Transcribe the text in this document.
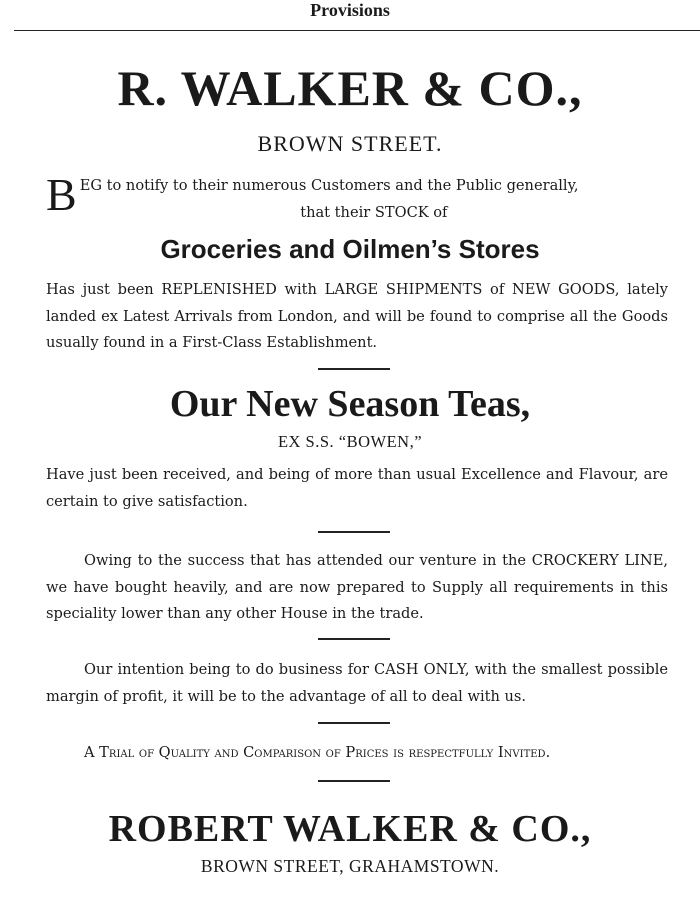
Provisions
R. WALKER & CO.,
BROWN STREET.
B EG to notify to their numerous Customers and the Public generally,
that their STOCK of
Groceries and Oilmen’s Stores
Has just been REPLENISHED with LARGE SHIPMENTS of NEW GOODS, lately landed ex Latest Arrivals from London, and will be found to comprise all the Goods usually found in a First-Class Establishment.
Our New Season Teas,
EX S.S. “BOWEN,”
Have just been received, and being of more than usual Excellence and Flavour, are certain to give satisfaction.
Owing to the success that has attended our venture in the CROCKERY LINE, we have bought heavily, and are now prepared to Supply all requirements in this speciality lower than any other House in the trade.
Our intention being to do business for CASH ONLY, with the smallest possible margin of profit, it will be to the advantage of all to deal with us.
A Trial of Quality and Comparison of Prices is respectfully Invited.
ROBERT WALKER & CO.,
BROWN STREET, GRAHAMSTOWN.
